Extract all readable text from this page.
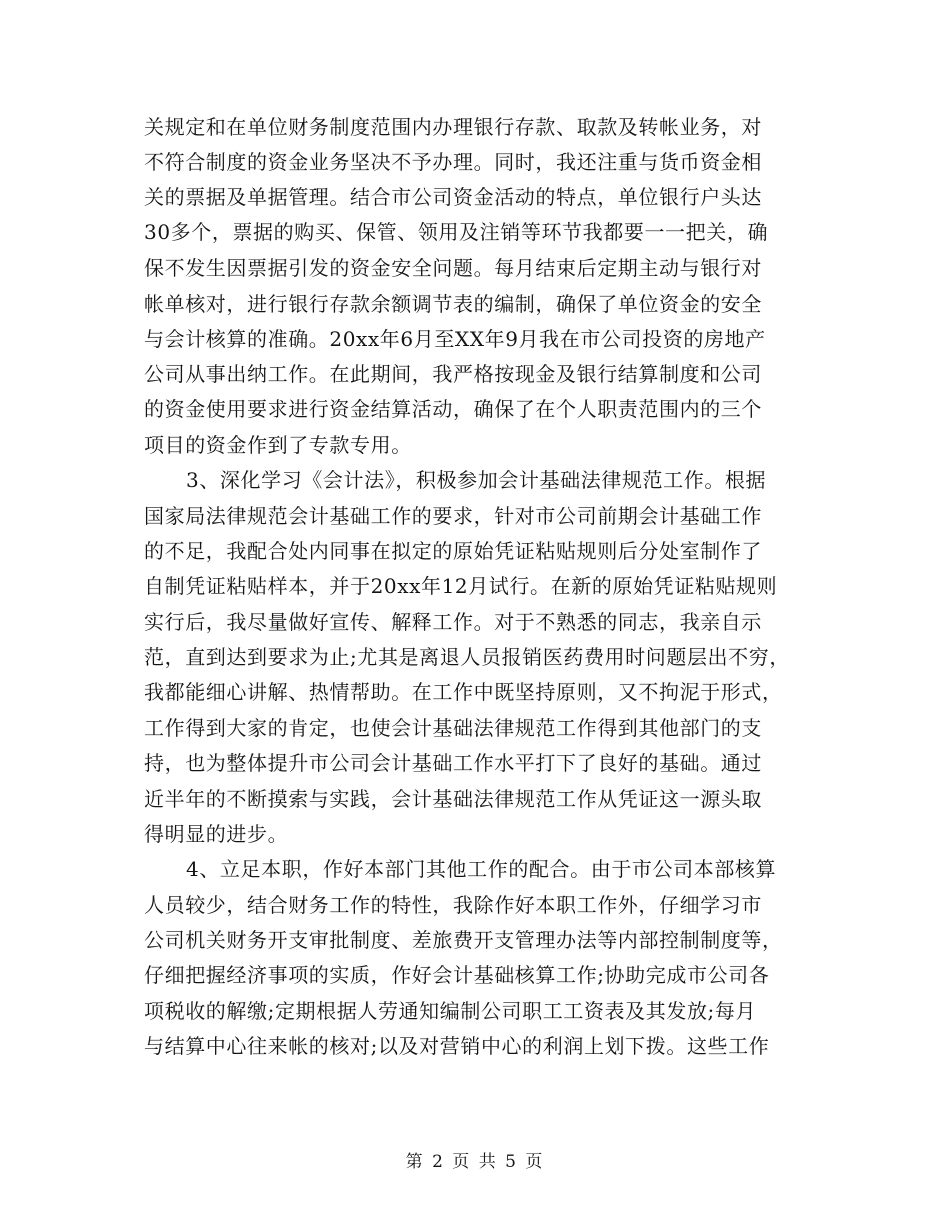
关规定和在单位财务制度范围内办理银行存款、取款及转帐业务，对
不符合制度的资金业务坚决不予办理。同时，我还注重与货币资金相
关的票据及单据管理。结合市公司资金活动的特点，单位银行户头达
30多个，票据的购买、保管、领用及注销等环节我都要一一把关，确
保不发生因票据引发的资金安全问题。每月结束后定期主动与银行对
帐单核对，进行银行存款余额调节表的编制，确保了单位资金的安全
与会计核算的准确。20xx年6月至XX年9月我在市公司投资的房地产
公司从事出纳工作。在此期间，我严格按现金及银行结算制度和公司
的资金使用要求进行资金结算活动，确保了在个人职责范围内的三个
项目的资金作到了专款专用。
3、深化学习《会计法》，积极参加会计基础法律规范工作。根据
国家局法律规范会计基础工作的要求，针对市公司前期会计基础工作
的不足，我配合处内同事在拟定的原始凭证粘贴规则后分处室制作了
自制凭证粘贴样本，并于20xx年12月试行。在新的原始凭证粘贴规则
实行后，我尽量做好宣传、解释工作。对于不熟悉的同志，我亲自示
范，直到达到要求为止;尤其是离退人员报销医药费用时问题层出不穷，
我都能细心讲解、热情帮助。在工作中既坚持原则，又不拘泥于形式，
工作得到大家的肯定，也使会计基础法律规范工作得到其他部门的支
持，也为整体提升市公司会计基础工作水平打下了良好的基础。通过
近半年的不断摸索与实践，会计基础法律规范工作从凭证这一源头取
得明显的进步。
4、立足本职，作好本部门其他工作的配合。由于市公司本部核算
人员较少，结合财务工作的特性，我除作好本职工作外，仔细学习市
公司机关财务开支审批制度、差旅费开支管理办法等内部控制制度等，
仔细把握经济事项的实质，作好会计基础核算工作;协助完成市公司各
项税收的解缴;定期根据人劳通知编制公司职工工资表及其发放;每月
与结算中心往来帐的核对;以及对营销中心的利润上划下拨。这些工作
第 2 页 共 5 页
